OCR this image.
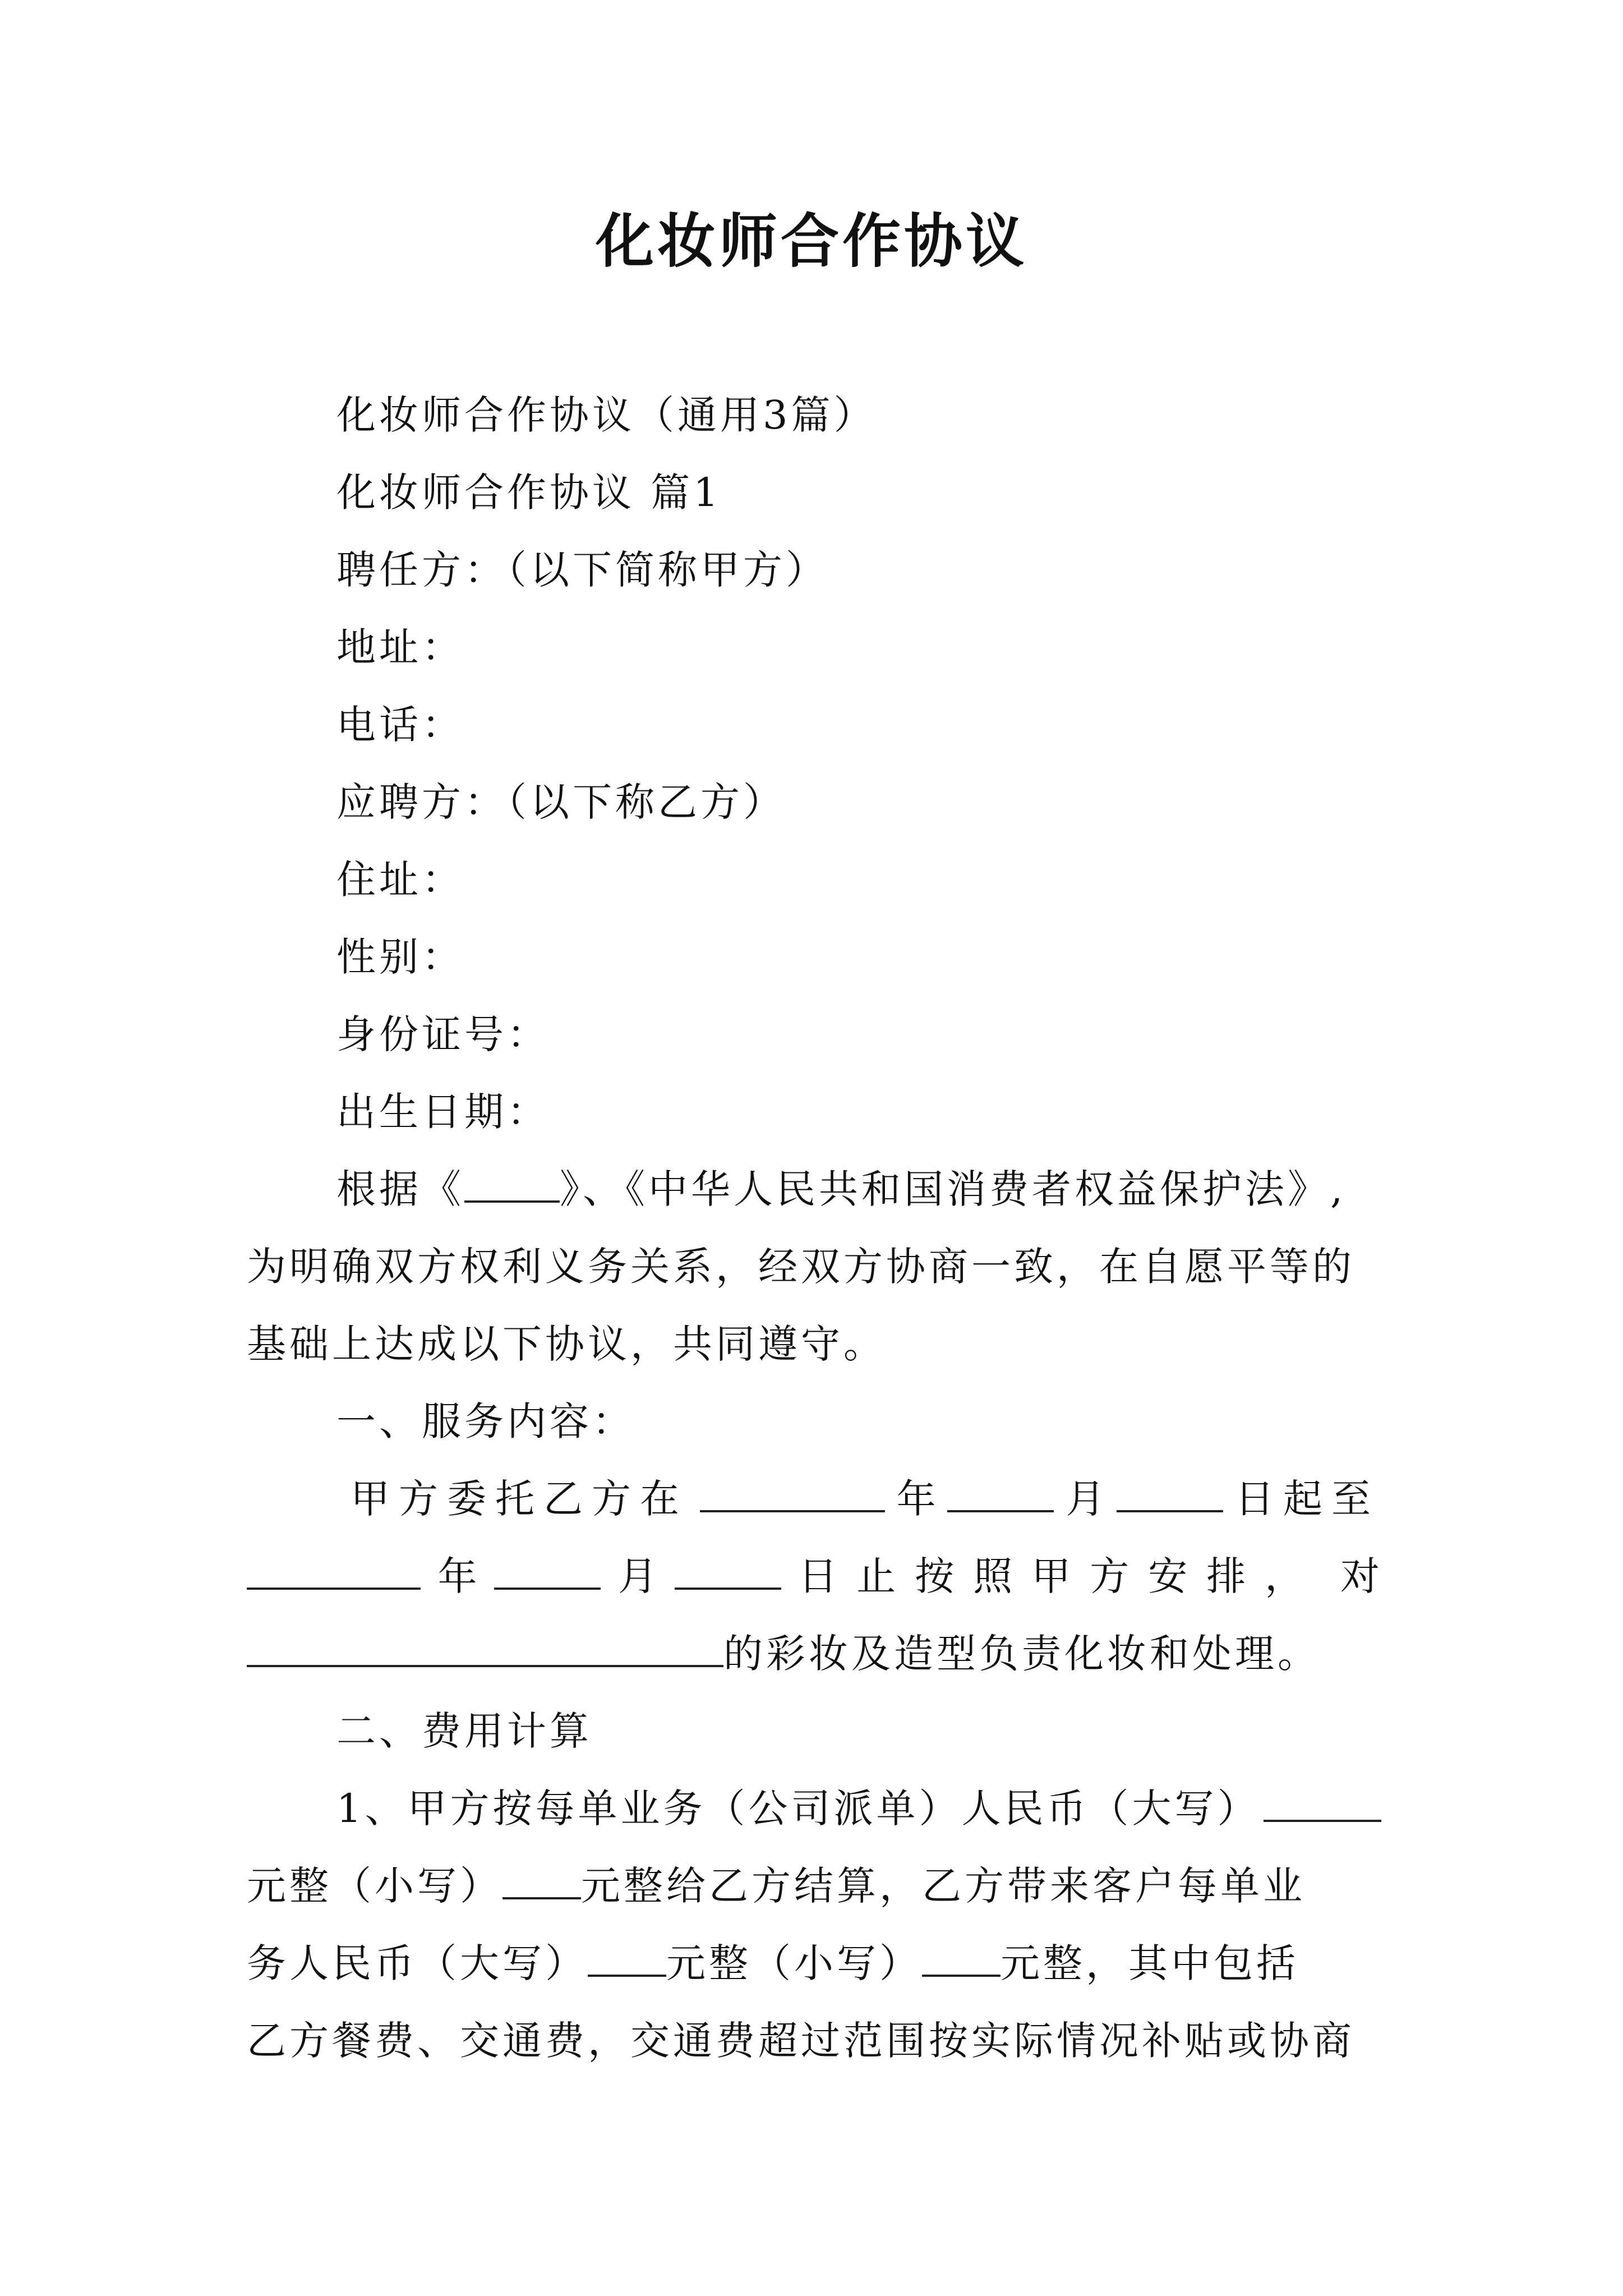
化妆师合作协议
化妆师合作协议（通用3篇）
化妆师合作协议 篇1
聘任方：（以下简称甲方）
地址：
电话：
应聘方：（以下称乙方）
住址：
性别：
身份证号：
出生日期：
根据《 》、《中华人民共和国消费者权益保护法》,
为明确双方权利义务关系，经双方协商一致，在自愿平等的
基础上达成以下协议，共同遵守。
一、服务内容：
甲方委托乙方在	年	月	日起至
年	月	日止按照甲方安排， 对
的彩妆及造型负责化妆和处理。
二、费用计算
1、甲方按每单业务（公司派单）人民币（大写）
元整（小写） 元整给乙方结算，乙方带来客户每单业
务人民币（大写） 元整（小写） 元整，其中包括
乙方餐费、交通费，交通费超过范围按实际情况补贴或协商
